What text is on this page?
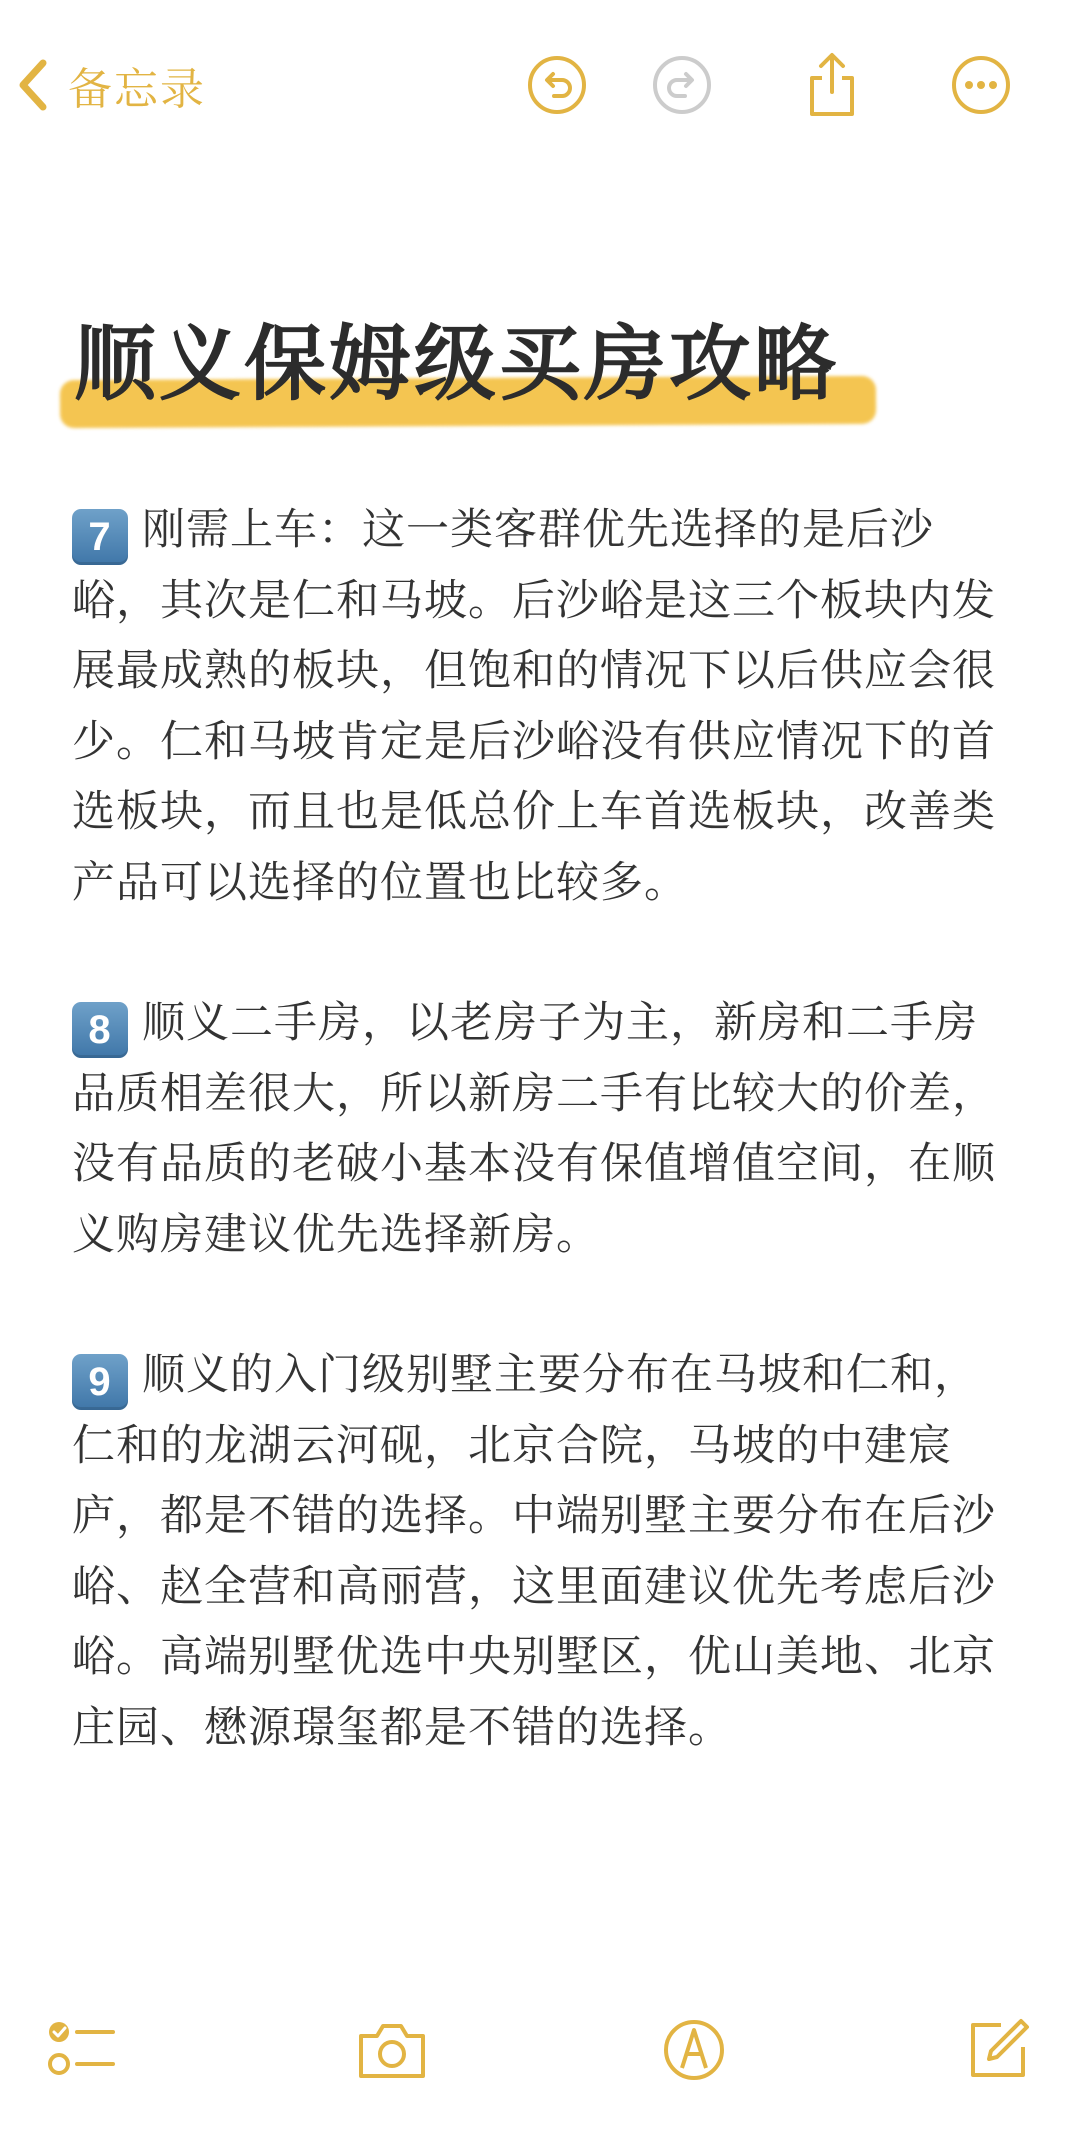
备忘录
顺义保姆级买房攻略

7 刚需上车：这一类客群优先选择的是后沙峪，其次是仁和马坡。后沙峪是这三个板块内发展最成熟的板块，但饱和的情况下以后供应会很少。仁和马坡肯定是后沙峪没有供应情况下的首选板块，而且也是低总价上车首选板块，改善类产品可以选择的位置也比较多。

8 顺义二手房，以老房子为主，新房和二手房品质相差很大，所以新房二手有比较大的价差，没有品质的老破小基本没有保值增值空间，在顺义购房建议优先选择新房。

9 顺义的入门级别墅主要分布在马坡和仁和，仁和的龙湖云河砚，北京合院，马坡的中建宸庐，都是不错的选择。中端别墅主要分布在后沙峪、赵全营和高丽营，这里面建议优先考虑后沙峪。高端别墅优选中央别墅区，优山美地、北京庄园、懋源璟玺都是不错的选择。
